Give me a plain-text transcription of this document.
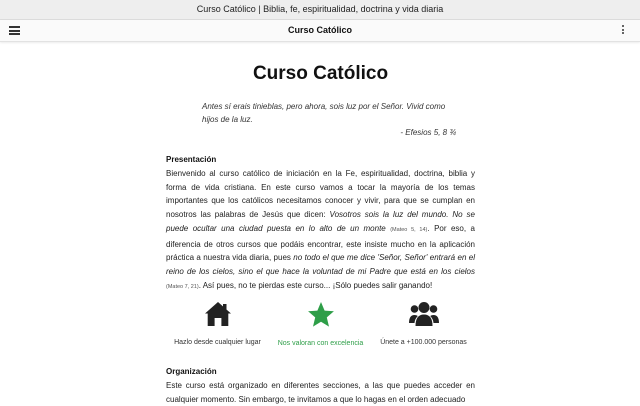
Curso Católico | Biblia, fe, espiritualidad, doctrina y vida diaria
Curso Católico
Curso Católico
Antes sí erais tinieblas, pero ahora, sois luz por el Señor. Vivid como hijos de la luz.
- Efesios 5, 8 ¾
Presentación
Bienvenido al curso católico de iniciación en la Fe, espiritualidad, doctrina, biblia y forma de vida cristiana. En este curso vamos a tocar la mayoría de los temas importantes que los católicos necesitamos conocer y vivir, para que se cumplan en nosotros las palabras de Jesús que dicen: Vosotros sois la luz del mundo. No se puede ocultar una ciudad puesta en lo alto de un monte (Mateo 5, 14). Por eso, a diferencia de otros cursos que podáis encontrar, este insiste mucho en la aplicación práctica a nuestra vida diaria, pues no todo el que me dice 'Señor, Señor' entrará en el reino de los cielos, sino el que hace la voluntad de mi Padre que está en los cielos (Mateo 7, 21). Así pues, no te pierdas este curso... ¡Sólo puedes salir ganando!
Hazlo desde cualquier lugar	Nos valoran con excelencia	Únete a +100.000 personas
Organización
Este curso está organizado en diferentes secciones, a las que puedes acceder en cualquier momento. Sin embargo, te invitamos a que lo hagas en el orden adecuado
